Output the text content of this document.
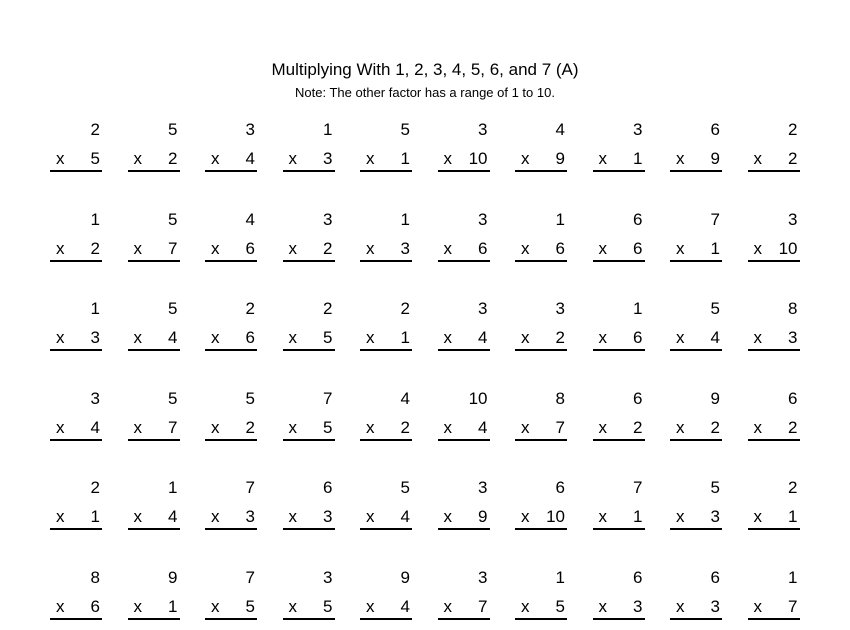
Multiplying With 1, 2, 3, 4, 5, 6, and 7 (A)
Note: The other factor has a range of 1 to 10.
2
x 5
5
x 2
3
x 4
1
x 3
5
x 1
3
x 10
4
x 9
3
x 1
6
x 9
2
x 2
1
x 2
5
x 7
4
x 6
3
x 2
1
x 3
3
x 6
1
x 6
6
x 6
7
x 1
3
x 10
1
x 3
5
x 4
2
x 6
2
x 5
2
x 1
3
x 4
3
x 2
1
x 6
5
x 4
8
x 3
3
x 4
5
x 7
5
x 2
7
x 5
4
x 2
10
x 4
8
x 7
6
x 2
9
x 2
6
x 2
2
x 1
1
x 4
7
x 3
6
x 3
5
x 4
3
x 9
6
x 10
7
x 1
5
x 3
2
x 1
8
x 6
9
x 1
7
x 5
3
x 5
9
x 4
3
x 7
1
x 5
6
x 3
6
x 3
1
x 7
